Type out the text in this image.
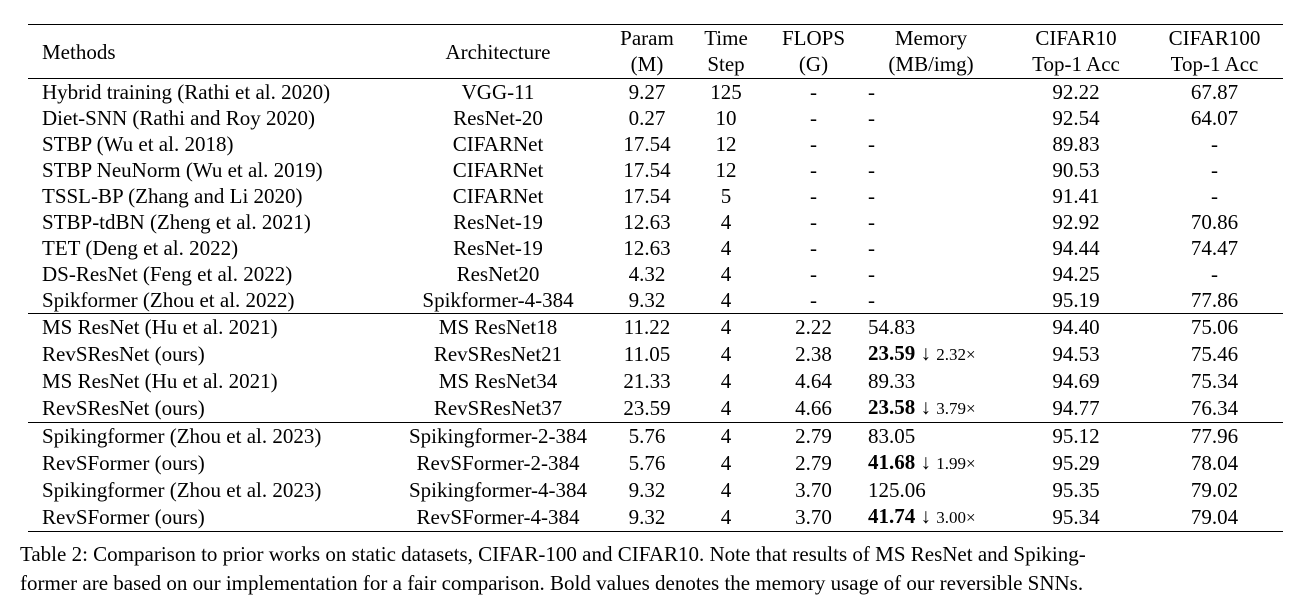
Methods	Architecture	Param	Time	FLOPS	Memory	CIFAR10	CIFAR100
		(M)	Step	(G)	(MB/img)	Top-1 Acc	Top-1 Acc
Hybrid training (Rathi et al. 2020)	VGG-11	9.27	125	-	-	92.22	67.87
Diet-SNN (Rathi and Roy 2020)	ResNet-20	0.27	10	-	-	92.54	64.07
STBP (Wu et al. 2018)	CIFARNet	17.54	12	-	-	89.83	-
STBP NeuNorm (Wu et al. 2019)	CIFARNet	17.54	12	-	-	90.53	-
TSSL-BP (Zhang and Li 2020)	CIFARNet	17.54	5	-	-	91.41	-
STBP-tdBN (Zheng et al. 2021)	ResNet-19	12.63	4	-	-	92.92	70.86
TET (Deng et al. 2022)	ResNet-19	12.63	4	-	-	94.44	74.47
DS-ResNet (Feng et al. 2022)	ResNet20	4.32	4	-	-	94.25	-
Spikformer (Zhou et al. 2022)	Spikformer-4-384	9.32	4	-	-	95.19	77.86
MS ResNet (Hu et al. 2021)	MS ResNet18	11.22	4	2.22	54.83	94.40	75.06
RevSResNet (ours)	RevSResNet21	11.05	4	2.38	23.59 ↓ 2.32×	94.53	75.46
MS ResNet (Hu et al. 2021)	MS ResNet34	21.33	4	4.64	89.33	94.69	75.34
RevSResNet (ours)	RevSResNet37	23.59	4	4.66	23.58 ↓ 3.79×	94.77	76.34
Spikingformer (Zhou et al. 2023)	Spikingformer-2-384	5.76	4	2.79	83.05	95.12	77.96
RevSFormer (ours)	RevSFormer-2-384	5.76	4	2.79	41.68 ↓ 1.99×	95.29	78.04
Spikingformer (Zhou et al. 2023)	Spikingformer-4-384	9.32	4	3.70	125.06	95.35	79.02
RevSFormer (ours)	RevSFormer-4-384	9.32	4	3.70	41.74 ↓ 3.00×	95.34	79.04
Table 2: Comparison to prior works on static datasets, CIFAR-100 and CIFAR10. Note that results of MS ResNet and Spiking-
former are based on our implementation for a fair comparison. Bold values denotes the memory usage of our reversible SNNs.
